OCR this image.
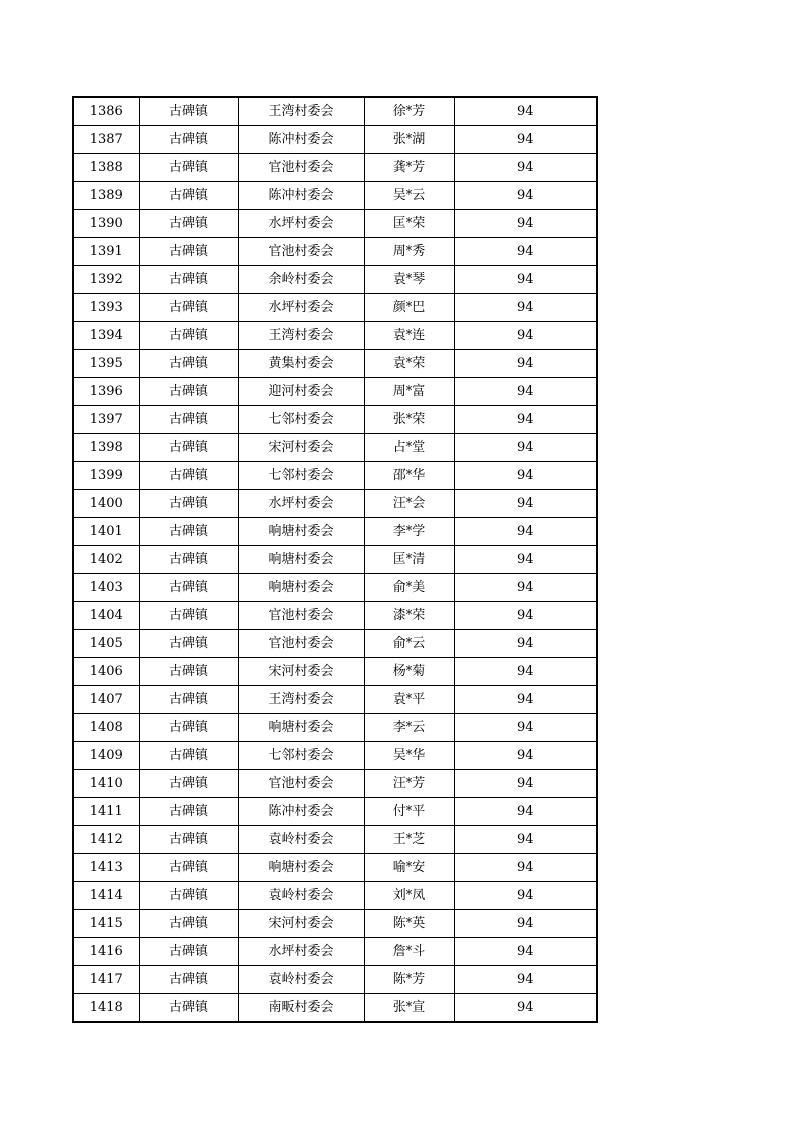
1386	古碑镇	王湾村委会	徐*芳	94
1387	古碑镇	陈冲村委会	张*湖	94
1388	古碑镇	官池村委会	龚*芳	94
1389	古碑镇	陈冲村委会	吴*云	94
1390	古碑镇	水坪村委会	匡*荣	94
1391	古碑镇	官池村委会	周*秀	94
1392	古碑镇	余岭村委会	袁*琴	94
1393	古碑镇	水坪村委会	颜*巴	94
1394	古碑镇	王湾村委会	袁*连	94
1395	古碑镇	黄集村委会	袁*荣	94
1396	古碑镇	迎河村委会	周*富	94
1397	古碑镇	七邻村委会	张*荣	94
1398	古碑镇	宋河村委会	占*堂	94
1399	古碑镇	七邻村委会	邵*华	94
1400	古碑镇	水坪村委会	汪*会	94
1401	古碑镇	响塘村委会	李*学	94
1402	古碑镇	响塘村委会	匡*清	94
1403	古碑镇	响塘村委会	俞*美	94
1404	古碑镇	官池村委会	漆*荣	94
1405	古碑镇	官池村委会	俞*云	94
1406	古碑镇	宋河村委会	杨*菊	94
1407	古碑镇	王湾村委会	袁*平	94
1408	古碑镇	响塘村委会	李*云	94
1409	古碑镇	七邻村委会	吴*华	94
1410	古碑镇	官池村委会	汪*芳	94
1411	古碑镇	陈冲村委会	付*平	94
1412	古碑镇	袁岭村委会	王*芝	94
1413	古碑镇	响塘村委会	喻*安	94
1414	古碑镇	袁岭村委会	刘*凤	94
1415	古碑镇	宋河村委会	陈*英	94
1416	古碑镇	水坪村委会	詹*斗	94
1417	古碑镇	袁岭村委会	陈*芳	94
1418	古碑镇	南畈村委会	张*宣	94
